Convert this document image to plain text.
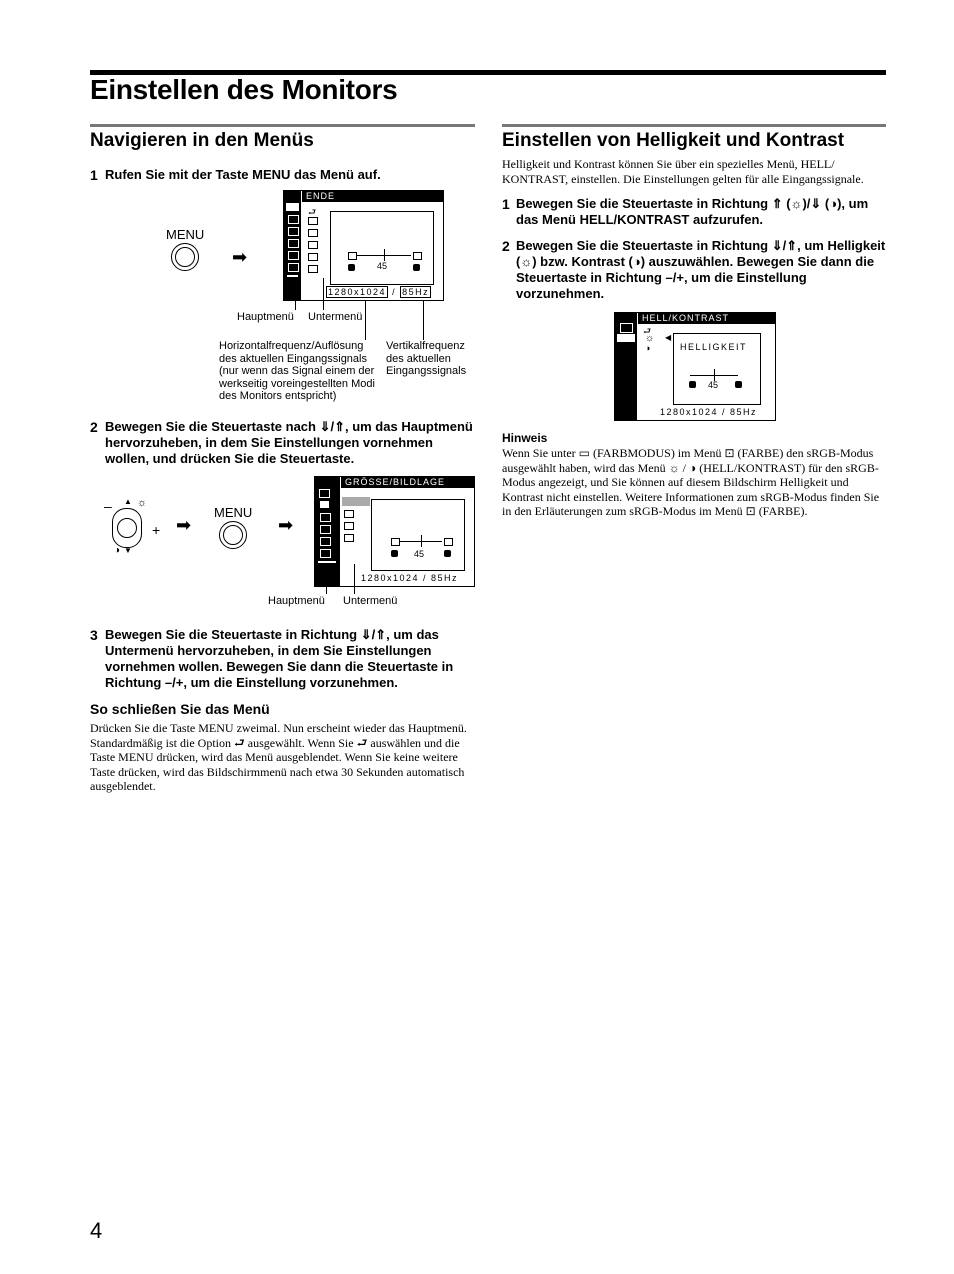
Einstellen des Monitors
Navigieren in den Menüs
1 Rufen Sie mit der Taste MENU das Menü auf.
MENU
➡
ENDE
⮐
45
1280x1024 / 85Hz
Hauptmenü Untermenü
Horizontalfrequenz/Auflösung des aktuellen Eingangssignals (nur wenn das Signal einem der werkseitig voreingestellten Modi des Monitors entspricht)
Vertikalfrequenz des aktuellen Eingangssignals
2 Bewegen Sie die Steuertaste nach ⇓/⇑, um das Hauptmenü hervorzuheben, in dem Sie Einstellungen vornehmen wollen, und drücken Sie die Steuertaste.
– ▲
▼
☼
◑
+ ➡
MENU
➡
GRÖSSE/BILDLAGE
45
1280x1024 / 85Hz
Hauptmenü Untermenü
3 Bewegen Sie die Steuertaste in Richtung ⇓/⇑, um das Untermenü hervorzuheben, in dem Sie Einstellungen vornehmen wollen. Bewegen Sie dann die Steuertaste in Richtung –/+, um die Einstellung vorzunehmen.
So schließen Sie das Menü
Drücken Sie die Taste MENU zweimal. Nun erscheint wieder das Hauptmenü. Standardmäßig ist die Option ⮐ ausgewählt. Wenn Sie ⮐ auswählen und die Taste MENU drücken, wird das Menü ausgeblendet. Wenn Sie keine weitere Taste drücken, wird das Bildschirmmenü nach etwa 30 Sekunden automatisch ausgeblendet.
Einstellen von Helligkeit und Kontrast
Helligkeit und Kontrast können Sie über ein spezielles Menü, HELL/ KONTRAST, einstellen. Die Einstellungen gelten für alle Eingangssignale.
1 Bewegen Sie die Steuertaste in Richtung ⇑ (☼)/⇓ (◑), um das Menü HELL/KONTRAST aufzurufen.
2 Bewegen Sie die Steuertaste in Richtung ⇓/⇑, um Helligkeit (☼) bzw. Kontrast (◑) auszuwählen. Bewegen Sie dann die Steuertaste in Richtung –/+, um die Einstellung vorzunehmen.
HELL/KONTRAST
⮐
☼
◑
◀
HELLIGKEIT
45
1280x1024 / 85Hz
Hinweis
Wenn Sie unter ▭ (FARBMODUS) im Menü ⊡ (FARBE) den sRGB-Modus ausgewählt haben, wird das Menü ☼ / ◑ (HELL/KONTRAST) für den sRGB-Modus angezeigt, und Sie können auf diesem Bildschirm Helligkeit und Kontrast nicht einstellen. Weitere Informationen zum sRGB-Modus finden Sie in den Erläuterungen zum sRGB-Modus im Menü ⊡ (FARBE).
4
